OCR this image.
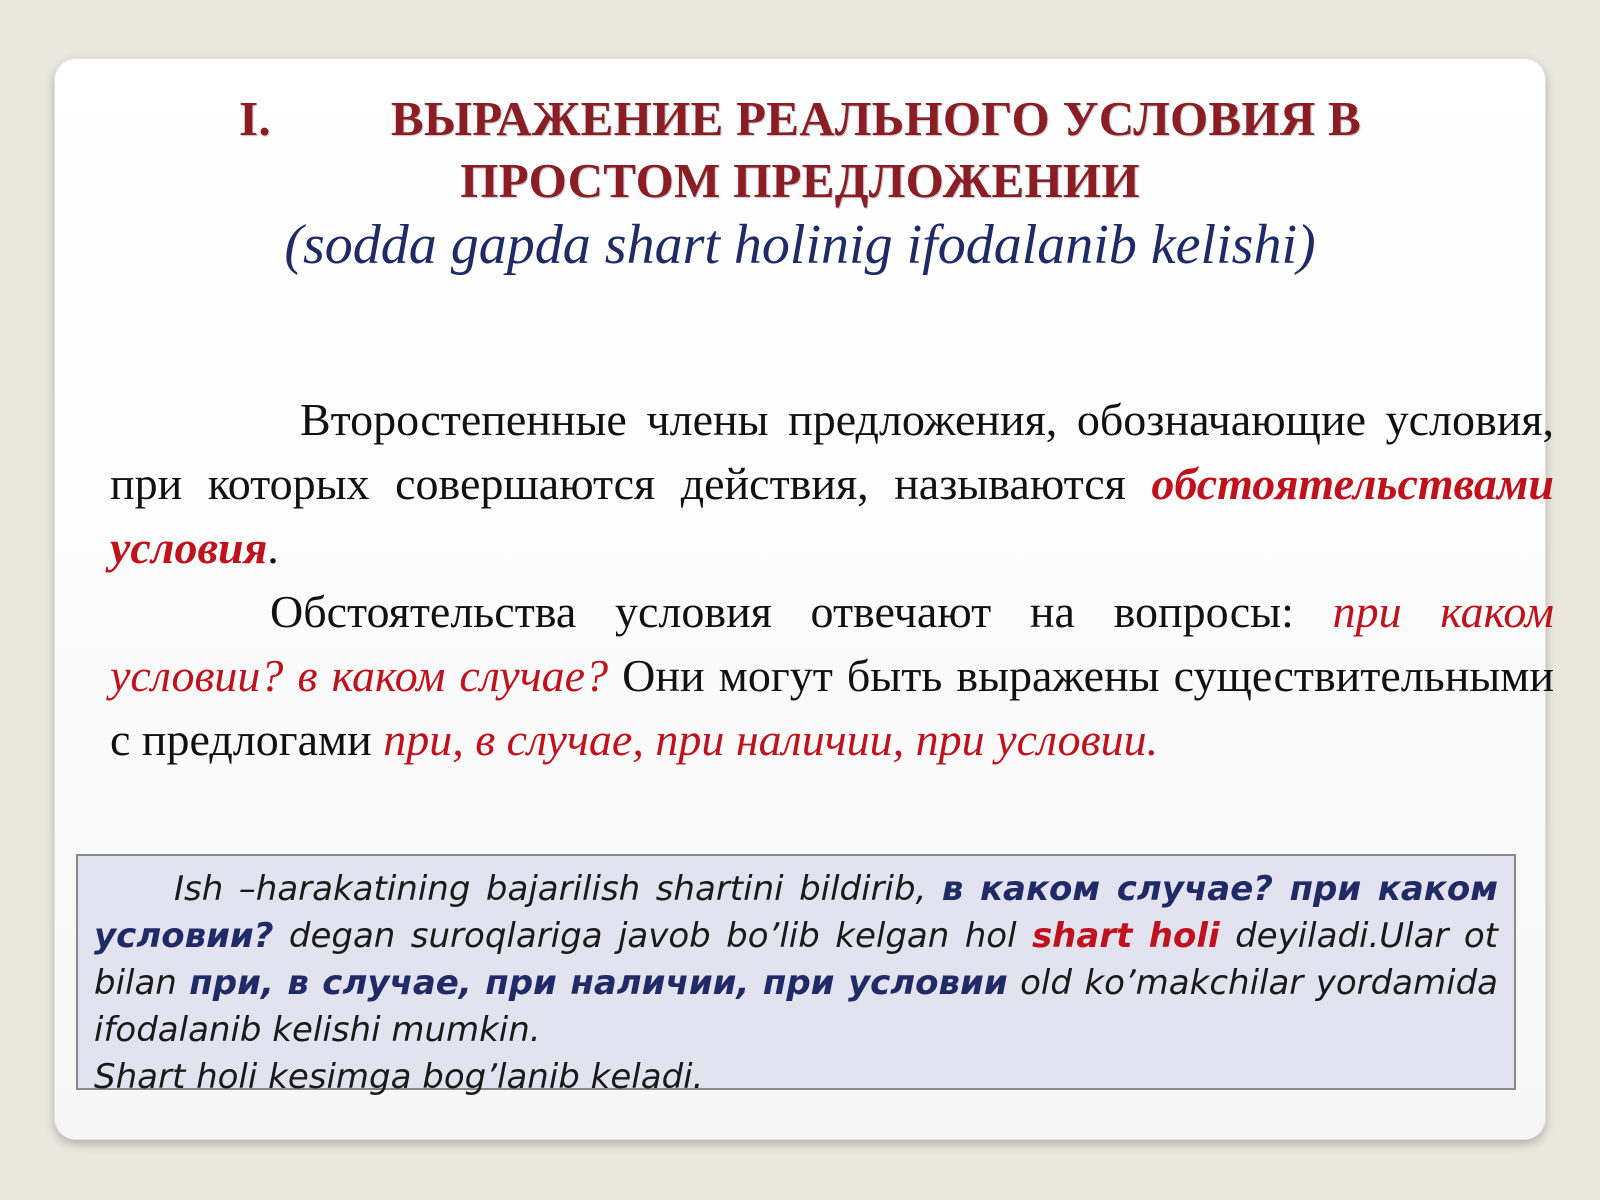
I. ВЫРАЖЕНИЕ РЕАЛЬНОГО УСЛОВИЯ В
ПРОСТОМ ПРЕДЛОЖЕНИИ
(sodda gapda shart holinig ifodalanib kelishi)

Второстепенные члены предложения, обозначающие условия, при которых совершаются действия, называются обстоятельствами условия.

Обстоятельства условия отвечают на вопросы: при каком условии? в каком случае? Они могут быть выражены существительными с предлогами при, в случае, при наличии, при условии.

Ish –harakatining bajarilish shartini bildirib, в каком случае? при каком условии? degan suroqlariga javob bo’lib kelgan hol shart holi deyiladi.Ular ot bilan при, в случае, при наличии, при условии old ko’makchilar yordamida ifodalanib kelishi mumkin.

Shart holi kesimga bog’lanib keladi.
